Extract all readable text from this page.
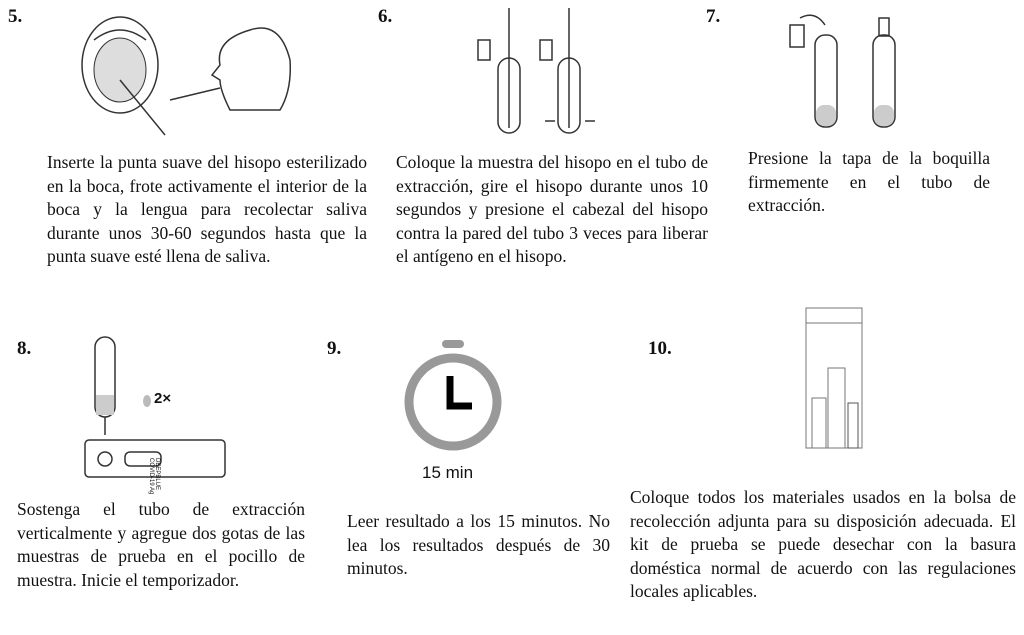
5.
Inserte la punta suave del hisopo esterilizado en la boca, frote activamente el interior de la boca y la lengua para recolectar saliva durante unos 30-60 segundos hasta que la punta suave esté llena de saliva.
6.
Coloque la muestra del hisopo en el tubo de extracción, gire el hisopo durante unos 10 segundos y presione el cabezal del hisopo contra la pared del tubo 3 veces para liberar el antígeno en el hisopo.
7.
Presione la tapa de la boquilla firmemente en el tubo de extracción.
8.
2×
DEEPBLUE COVID-19 Ag
Sostenga el tubo de extracción verticalmente y agregue dos gotas de las muestras de prueba en el pocillo de muestra. Inicie el temporizador.
9.
15 min
Leer resultado a los 15 minutos. No lea los resultados después de 30 minutos.
10.
Coloque todos los materiales usados en la bolsa de recolección adjunta para su disposición adecuada. El kit de prueba se puede desechar con la basura doméstica normal de acuerdo con las regulaciones locales aplicables.
